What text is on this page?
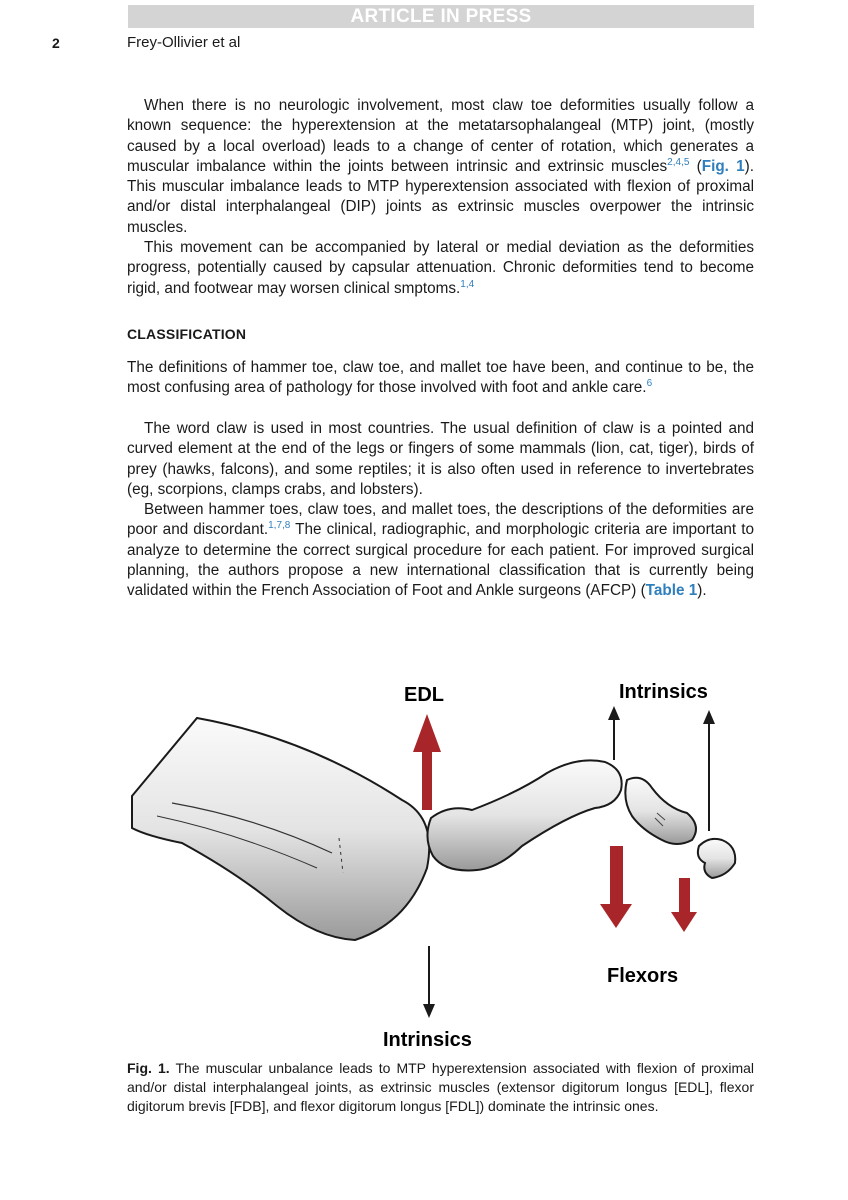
ARTICLE IN PRESS
2	Frey-Ollivier et al

When there is no neurologic involvement, most claw toe deformities usually follow a known sequence: the hyperextension at the metatarsophalangeal (MTP) joint, (mostly caused by a local overload) leads to a change of center of rotation, which generates a muscular imbalance within the joints between intrinsic and extrinsic muscles$^{2,4,5}$ (Fig. 1). This muscular imbalance leads to MTP hyperextension associated with flexion of proximal and/or distal interphalangeal (DIP) joints as extrinsic muscles overpower the intrinsic muscles.

This movement can be accompanied by lateral or medial deviation as the deformities progress, potentially caused by capsular attenuation. Chronic deformities tend to become rigid, and footwear may worsen clinical smptoms.$^{1,4}$

CLASSIFICATION

The definitions of hammer toe, claw toe, and mallet toe have been, and continue to be, the most confusing area of pathology for those involved with foot and ankle care.$^6$

The word claw is used in most countries. The usual definition of claw is a pointed and curved element at the end of the legs or fingers of some mammals (lion, cat, tiger), birds of prey (hawks, falcons), and some reptiles; it is also often used in reference to invertebrates (eg, scorpions, clamps crabs, and lobsters).

Between hammer toes, claw toes, and mallet toes, the descriptions of the deformities are poor and discordant.$^{1,7,8}$ The clinical, radiographic, and morphologic criteria are important to analyze to determine the correct surgical procedure for each patient. For improved surgical planning, the authors propose a new international classification that is currently being validated within the French Association of Foot and Ankle surgeons (AFCP) (Table 1).

EDL	Intrinsics
Flexors
Intrinsics
Fig. 1. The muscular unbalance leads to MTP hyperextension associated with flexion of proximal and/or distal interphalangeal joints, as extrinsic muscles (extensor digitorum longus [EDL], flexor digitorum brevis [FDB], and flexor digitorum longus [FDL]) dominate the intrinsic ones.
